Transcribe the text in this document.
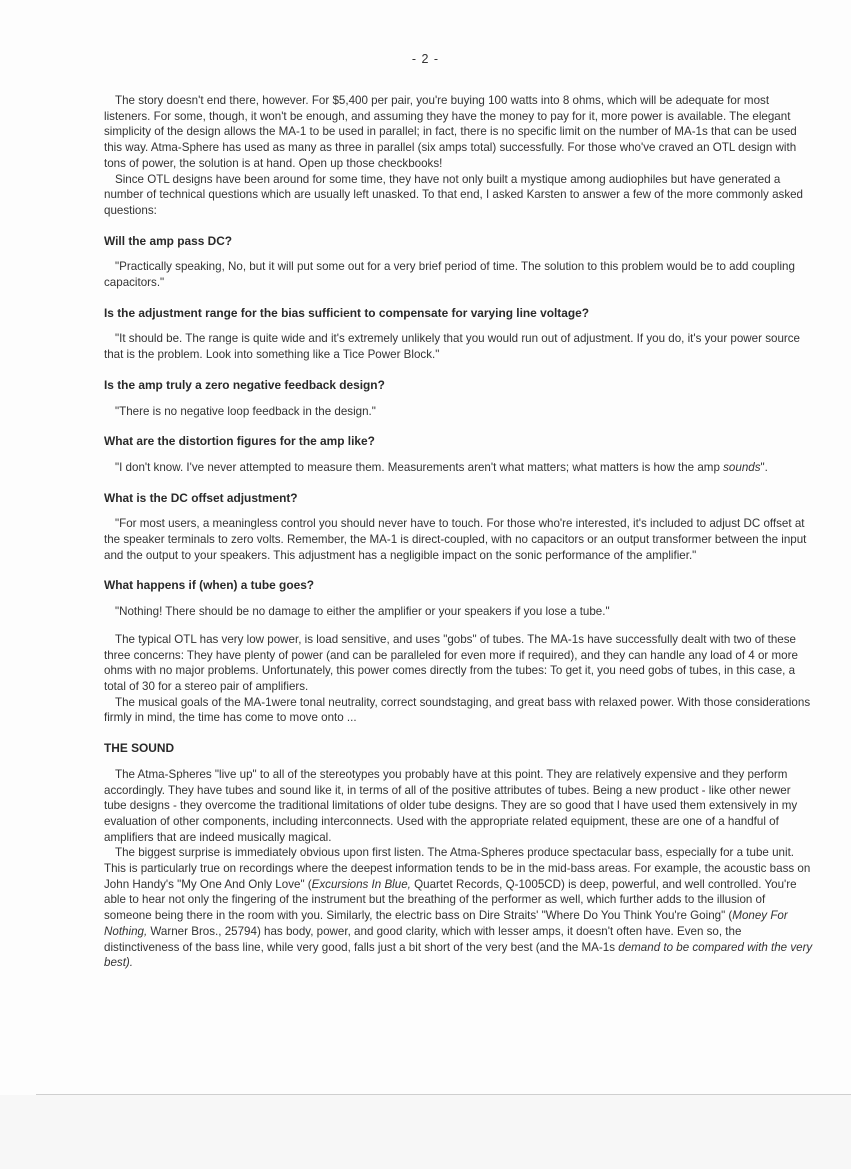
- 2 -

The story doesn't end there, however. For $5,400 per pair, you're buying 100 watts into 8 ohms, which will be adequate for most listeners. For some, though, it won't be enough, and assuming they have the money to pay for it, more power is available. The elegant simplicity of the design allows the MA-1 to be used in parallel; in fact, there is no specific limit on the number of MA-1s that can be used this way. Atma-Sphere has used as many as three in parallel (six amps total) successfully. For those who've craved an OTL design with tons of power, the solution is at hand. Open up those checkbooks!

Since OTL designs have been around for some time, they have not only built a mystique among audiophiles but have generated a number of technical questions which are usually left unasked. To that end, I asked Karsten to answer a few of the more commonly asked questions:

Will the amp pass DC?

"Practically speaking, No, but it will put some out for a very brief period of time. The solution to this problem would be to add coupling capacitors."

Is the adjustment range for the bias sufficient to compensate for varying line voltage?

"It should be. The range is quite wide and it's extremely unlikely that you would run out of adjustment. If you do, it's your power source that is the problem. Look into something like a Tice Power Block."

Is the amp truly a zero negative feedback design?

"There is no negative loop feedback in the design."

What are the distortion figures for the amp like?

"I don't know. I've never attempted to measure them. Measurements aren't what matters; what matters is how the amp sounds".

What is the DC offset adjustment?

"For most users, a meaningless control you should never have to touch. For those who're interested, it's included to adjust DC offset at the speaker terminals to zero volts. Remember, the MA-1 is direct-coupled, with no capacitors or an output transformer between the input and the output to your speakers. This adjustment has a negligible impact on the sonic performance of the amplifier."

What happens if (when) a tube goes?

"Nothing! There should be no damage to either the amplifier or your speakers if you lose a tube."

The typical OTL has very low power, is load sensitive, and uses "gobs" of tubes. The MA-1s have successfully dealt with two of these three concerns: They have plenty of power (and can be paralleled for even more if required), and they can handle any load of 4 or more ohms with no major problems. Unfortunately, this power comes directly from the tubes: To get it, you need gobs of tubes, in this case, a total of 30 for a stereo pair of amplifiers.

The musical goals of the MA-1were tonal neutrality, correct soundstaging, and great bass with relaxed power. With those considerations firmly in mind, the time has come to move onto ...

THE SOUND

The Atma-Spheres "live up" to all of the stereotypes you probably have at this point. They are relatively expensive and they perform accordingly. They have tubes and sound like it, in terms of all of the positive attributes of tubes. Being a new product - like other newer tube designs - they overcome the traditional limitations of older tube designs. They are so good that I have used them extensively in my evaluation of other components, including interconnects. Used with the appropriate related equipment, these are one of a handful of amplifiers that are indeed musically magical.

The biggest surprise is immediately obvious upon first listen. The Atma-Spheres produce spectacular bass, especially for a tube unit. This is particularly true on recordings where the deepest information tends to be in the mid-bass areas. For example, the acoustic bass on John Handy's "My One And Only Love" (Excursions In Blue, Quartet Records, Q-1005CD) is deep, powerful, and well controlled. You're able to hear not only the fingering of the instrument but the breathing of the performer as well, which further adds to the illusion of someone being there in the room with you. Similarly, the electric bass on Dire Straits' "Where Do You Think You're Going" (Money For Nothing, Warner Bros., 25794) has body, power, and good clarity, which with lesser amps, it doesn't often have. Even so, the distinctiveness of the bass line, while very good, falls just a bit short of the very best (and the MA-1s demand to be compared with the very best).
